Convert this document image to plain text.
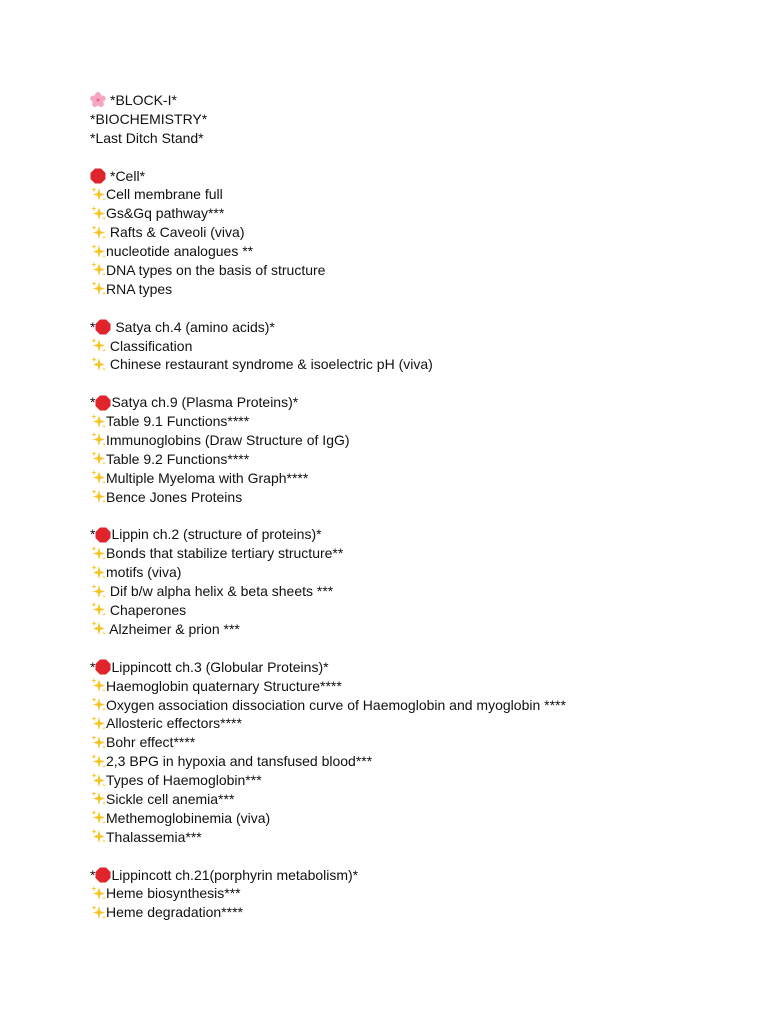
*BLOCK-I*
*BIOCHEMISTRY*
*Last Ditch Stand*
*Cell*
Cell membrane full
Gs&Gq pathway***
Rafts & Caveoli (viva)
nucleotide analogues **
DNA types on the basis of structure
RNA types
* Satya ch.4 (amino acids)*
Classification
Chinese restaurant syndrome & isoelectric pH (viva)
* Satya ch.9 (Plasma Proteins)*
Table 9.1 Functions****
Immunoglobins (Draw Structure of IgG)
Table 9.2 Functions****
Multiple Myeloma with Graph****
Bence Jones Proteins
* Lippin ch.2 (structure of proteins)*
Bonds that stabilize tertiary structure**
motifs (viva)
Dif b/w alpha helix & beta sheets ***
Chaperones
Alzheimer & prion ***
* Lippincott ch.3 (Globular Proteins)*
Haemoglobin quaternary Structure****
Oxygen association dissociation curve of Haemoglobin and myoglobin ****
Allosteric effectors****
Bohr effect****
2,3 BPG in hypoxia and tansfused blood***
Types of Haemoglobin***
Sickle cell anemia***
Methemoglobinemia (viva)
Thalassemia***
* Lippincott ch.21(porphyrin metabolism)*
Heme biosynthesis***
Heme degradation****
